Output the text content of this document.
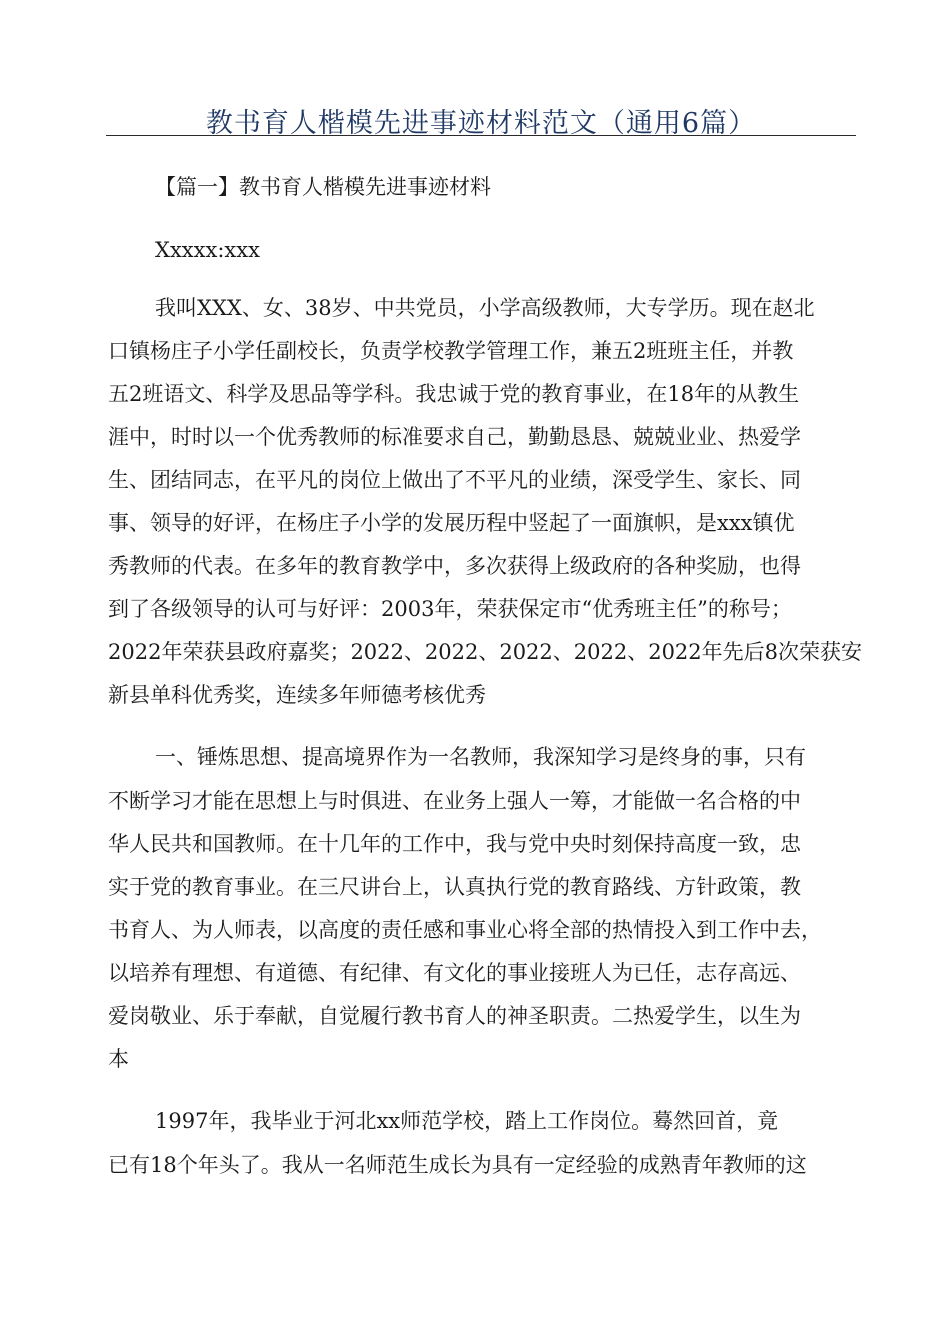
教书育人楷模先进事迹材料范文（通用6篇）
【篇一】教书育人楷模先进事迹材料
Xxxxx:xxx
我叫XXX、女、38岁、中共党员，小学高级教师，大专学历。现在赵北
口镇杨庄子小学任副校长，负责学校教学管理工作，兼五2班班主任，并教
五2班语文、科学及思品等学科。我忠诚于党的教育事业，在18年的从教生
涯中，时时以一个优秀教师的标准要求自己，勤勤恳恳、兢兢业业、热爱学
生、团结同志，在平凡的岗位上做出了不平凡的业绩，深受学生、家长、同
事、领导的好评，在杨庄子小学的发展历程中竖起了一面旗帜，是xxx镇优
秀教师的代表。在多年的教育教学中，多次获得上级政府的各种奖励，也得
到了各级领导的认可与好评：2003年，荣获保定市“优秀班主任”的称号；
2022年荣获县政府嘉奖；2022、2022、2022、2022、2022年先后8次荣获安
新县单科优秀奖，连续多年师德考核优秀
一、锤炼思想、提高境界作为一名教师，我深知学习是终身的事，只有
不断学习才能在思想上与时俱进、在业务上强人一筹，才能做一名合格的中
华人民共和国教师。在十几年的工作中，我与党中央时刻保持高度一致，忠
实于党的教育事业。在三尺讲台上，认真执行党的教育路线、方针政策，教
书育人、为人师表，以高度的责任感和事业心将全部的热情投入到工作中去，
以培养有理想、有道德、有纪律、有文化的事业接班人为已任，志存高远、
爱岗敬业、乐于奉献，自觉履行教书育人的神圣职责。二热爱学生，以生为
本
1997年，我毕业于河北xx师范学校，踏上工作岗位。蓦然回首，竟
已有18个年头了。我从一名师范生成长为具有一定经验的成熟青年教师的这
